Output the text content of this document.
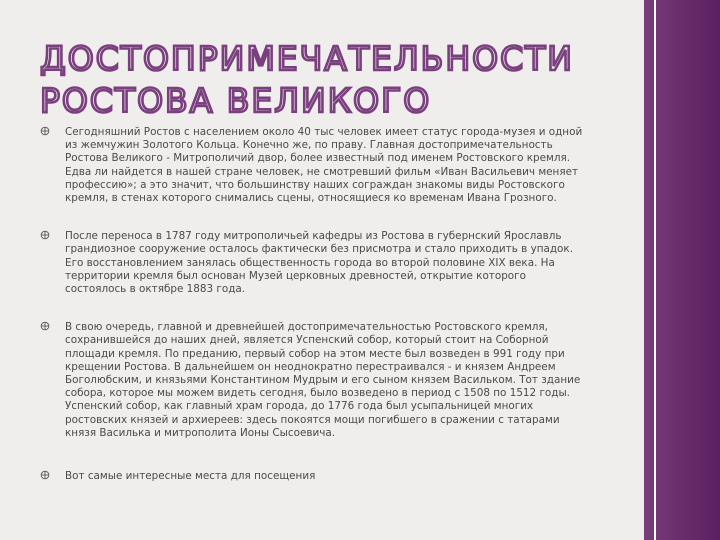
ДОСТОПРИМЕЧАТЕЛЬНОСТИ
РОСТОВА ВЕЛИКОГО
Сегодняшний Ростов с населением около 40 тыс человек имеет статус города-музея и одной из жемчужин Золотого Кольца. Конечно же, по праву. Главная достопримечательность Ростова Великого - Митрополичий двор, более известный под именем Ростовского кремля. Едва ли найдется в нашей стране человек, не смотревший фильм «Иван Васильевич меняет профессию»; а это значит, что большинству наших сограждан знакомы виды Ростовского кремля, в стенах которого снимались сцены, относящиеся ко временам Ивана Грозного.
После переноса в 1787 году митрополичьей кафедры из Ростова в губернский Ярославль грандиозное сооружение осталось фактически без присмотра и стало приходить в упадок. Его восстановлением занялась общественность города во второй половине XIX века. На территории кремля был основан Музей церковных древностей, открытие которого состоялось в октябре 1883 года.
В свою очередь, главной и древнейшей достопримечательностью Ростовского кремля, сохранившейся до наших дней, является Успенский собор, который стоит на Соборной площади кремля. По преданию, первый собор на этом месте был возведен в 991 году при крещении Ростова. В дальнейшем он неоднократно перестраивался - и князем Андреем Боголюбским, и князьями Константином Мудрым и его сыном князем Васильком. Тот здание собора, которое мы можем видеть сегодня, было возведено в период с 1508 по 1512 годы. Успенский собор, как главный храм города, до 1776 года был усыпальницей многих ростовских князей и архиереев: здесь покоятся мощи погибшего в сражении с татарами князя Василька и митрополита Ионы Сысоевича.
Вот самые интересные места для посещения
